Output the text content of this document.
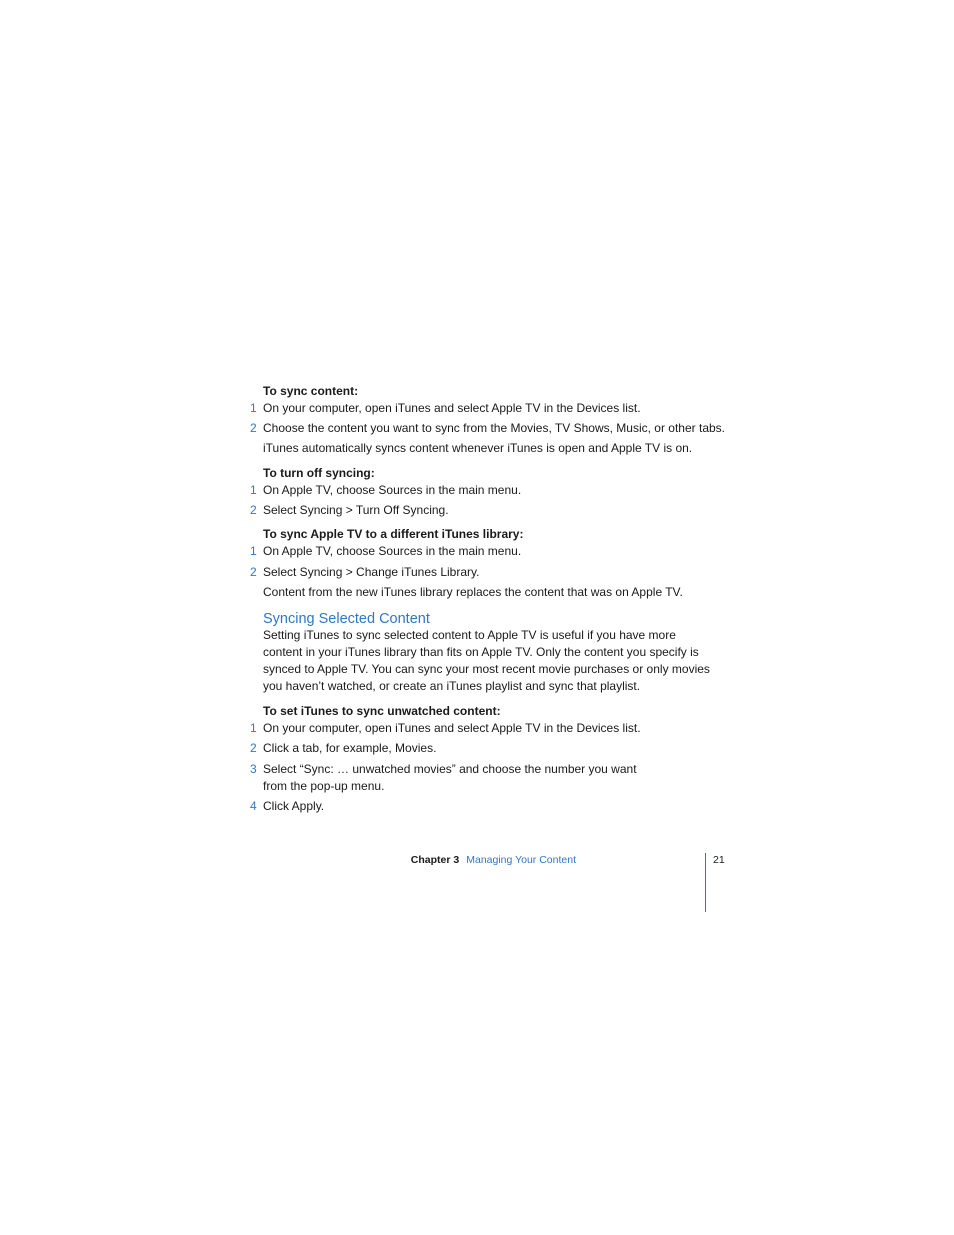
To sync content:
1 On your computer, open iTunes and select Apple TV in the Devices list.
2 Choose the content you want to sync from the Movies, TV Shows, Music, or other tabs.
iTunes automatically syncs content whenever iTunes is open and Apple TV is on.
To turn off syncing:
1 On Apple TV, choose Sources in the main menu.
2 Select Syncing > Turn Off Syncing.
To sync Apple TV to a different iTunes library:
1 On Apple TV, choose Sources in the main menu.
2 Select Syncing > Change iTunes Library.
Content from the new iTunes library replaces the content that was on Apple TV.
Syncing Selected Content
Setting iTunes to sync selected content to Apple TV is useful if you have more content in your iTunes library than fits on Apple TV. Only the content you specify is synced to Apple TV. You can sync your most recent movie purchases or only movies you haven’t watched, or create an iTunes playlist and sync that playlist.
To set iTunes to sync unwatched content:
1 On your computer, open iTunes and select Apple TV in the Devices list.
2 Click a tab, for example, Movies.
3 Select “Sync: … unwatched movies” and choose the number you want from the pop-up menu.
4 Click Apply.
Chapter 3 Managing Your Content	21
